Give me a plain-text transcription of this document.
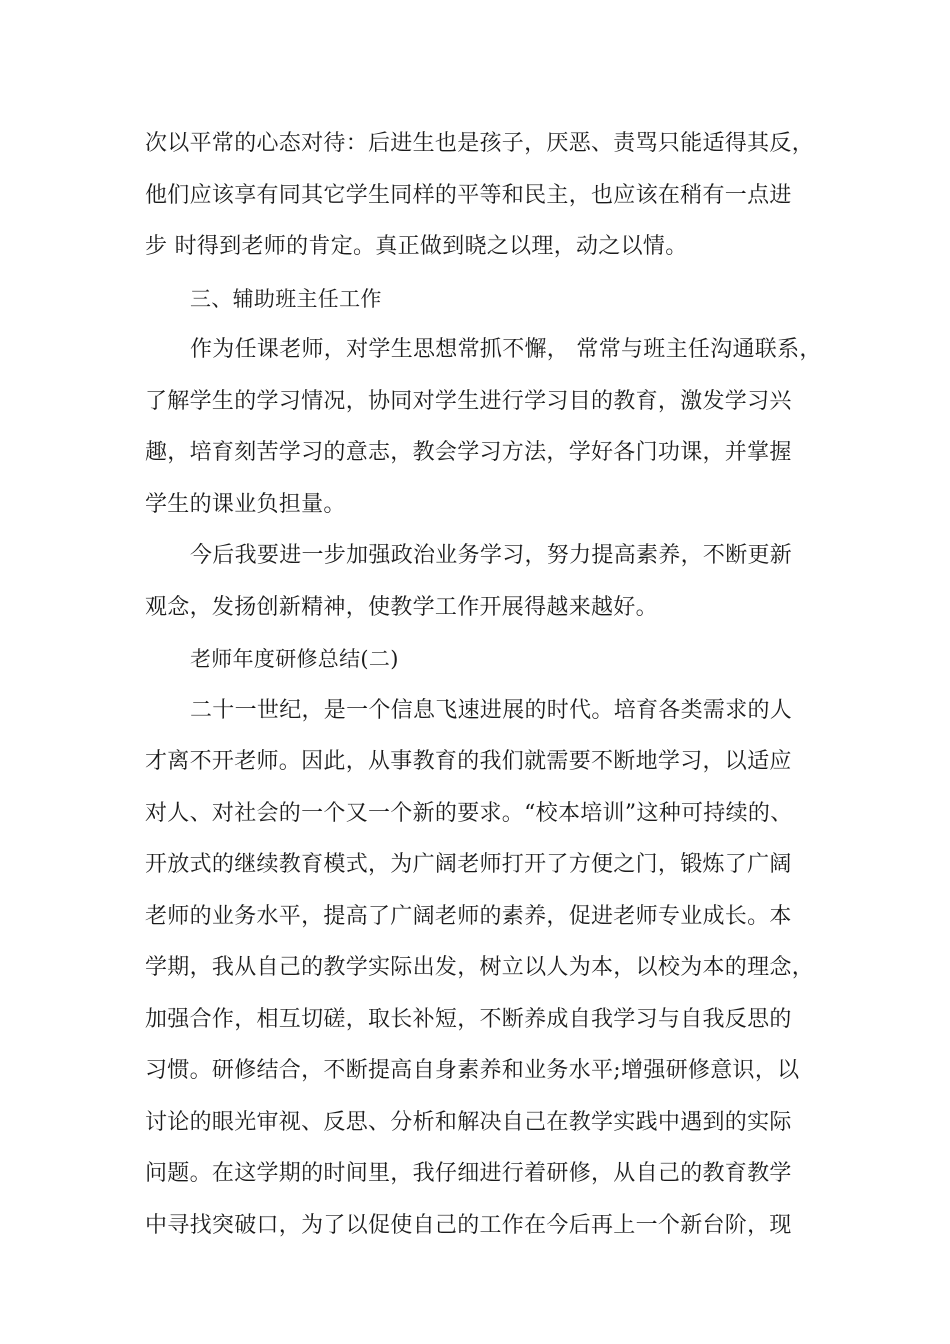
次以平常的心态对待：后进生也是孩子，厌恶、责骂只能适得其反，
他们应该享有同其它学生同样的平等和民主，也应该在稍有一点进
步 时得到老师的肯定。真正做到晓之以理，动之以情。
三、辅助班主任工作
作为任课老师，对学生思想常抓不懈， 常常与班主任沟通联系，
了解学生的学习情况，协同对学生进行学习目的教育，激发学习兴
趣，培育刻苦学习的意志，教会学习方法，学好各门功课，并掌握
学生的课业负担量。
今后我要进一步加强政治业务学习，努力提高素养，不断更新
观念，发扬创新精神，使教学工作开展得越来越好。
老师年度研修总结(二)
二十一世纪，是一个信息飞速进展的时代。培育各类需求的人
才离不开老师。因此，从事教育的我们就需要不断地学习，以适应
对人、对社会的一个又一个新的要求。“校本培训”这种可持续的、
开放式的继续教育模式，为广阔老师打开了方便之门，锻炼了广阔
老师的业务水平，提高了广阔老师的素养，促进老师专业成长。本
学期，我从自己的教学实际出发，树立以人为本，以校为本的理念，
加强合作，相互切磋，取长补短，不断养成自我学习与自我反思的
习惯。研修结合，不断提高自身素养和业务水平;增强研修意识，以
讨论的眼光审视、反思、分析和解决自己在教学实践中遇到的实际
问题。在这学期的时间里，我仔细进行着研修，从自己的教育教学
中寻找突破口，为了以促使自己的工作在今后再上一个新台阶，现
